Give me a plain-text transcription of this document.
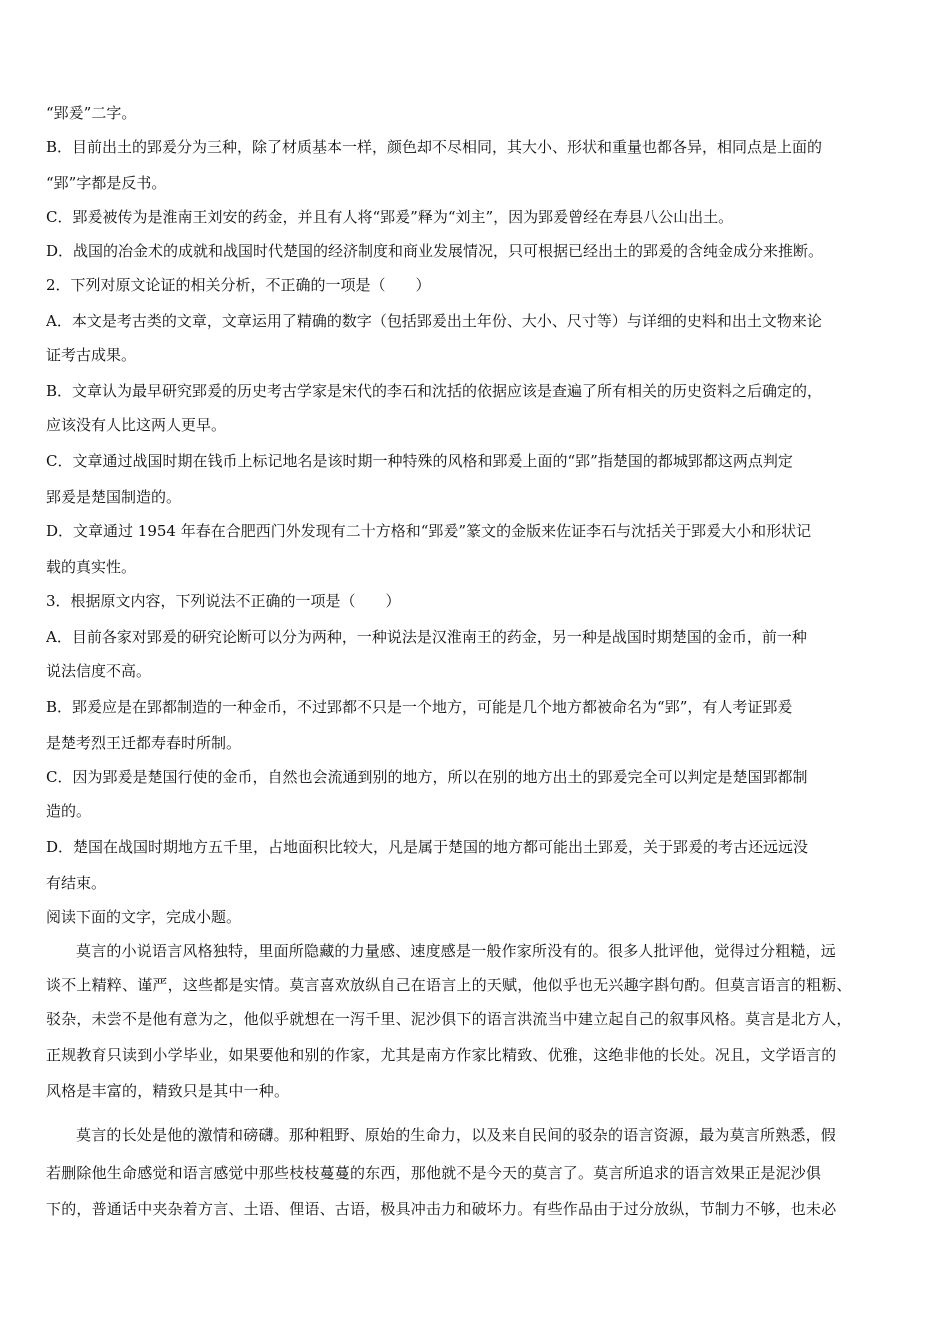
“郢爰”二字。
B．目前出土的郢爰分为三种，除了材质基本一样，颜色却不尽相同，其大小、形状和重量也都各异，相同点是上面的
“郢”字都是反书。
C．郢爰被传为是淮南王刘安的药金，并且有人将“郢爰”释为“刘主”，因为郢爰曾经在寿县八公山出土。
D．战国的冶金术的成就和战国时代楚国的经济制度和商业发展情况，只可根据已经出土的郢爰的含纯金成分来推断。
2．下列对原文论证的相关分析，不正确的一项是（　　）
A．本文是考古类的文章，文章运用了精确的数字（包括郢爰出土年份、大小、尺寸等）与详细的史料和出土文物来论
证考古成果。
B．文章认为最早研究郢爰的历史考古学家是宋代的李石和沈括的依据应该是查遍了所有相关的历史资料之后确定的，
应该没有人比这两人更早。
C．文章通过战国时期在钱币上标记地名是该时期一种特殊的风格和郢爰上面的“郢”指楚国的都城郢都这两点判定
郢爰是楚国制造的。
D．文章通过 1954 年春在合肥西门外发现有二十方格和“郢爰”篆文的金版来佐证李石与沈括关于郢爰大小和形状记
载的真实性。
3．根据原文内容，下列说法不正确的一项是（　　）
A．目前各家对郢爰的研究论断可以分为两种，一种说法是汉淮南王的药金，另一种是战国时期楚国的金币，前一种
说法信度不高。
B．郢爰应是在郢都制造的一种金币，不过郢都不只是一个地方，可能是几个地方都被命名为“郢”，有人考证郢爰
是楚考烈王迁都寿春时所制。
C．因为郢爰是楚国行使的金币，自然也会流通到别的地方，所以在别的地方出土的郢爰完全可以判定是楚国郢都制
造的。
D．楚国在战国时期地方五千里，占地面积比较大，凡是属于楚国的地方都可能出土郢爰，关于郢爰的考古还远远没
有结束。
阅读下面的文字，完成小题。
莫言的小说语言风格独特，里面所隐藏的力量感、速度感是一般作家所没有的。很多人批评他，觉得过分粗糙，远
谈不上精粹、谨严，这些都是实情。莫言喜欢放纵自己在语言上的天赋，他似乎也无兴趣字斟句酌。但莫言语言的粗粝、
驳杂，未尝不是他有意为之，他似乎就想在一泻千里、泥沙俱下的语言洪流当中建立起自己的叙事风格。莫言是北方人，
正规教育只读到小学毕业，如果要他和别的作家，尤其是南方作家比精致、优雅，这绝非他的长处。况且，文学语言的
风格是丰富的，精致只是其中一种。
莫言的长处是他的激情和磅礴。那种粗野、原始的生命力，以及来自民间的驳杂的语言资源，最为莫言所熟悉，假
若删除他生命感觉和语言感觉中那些枝枝蔓蔓的东西，那他就不是今天的莫言了。莫言所追求的语言效果正是泥沙俱
下的，普通话中夹杂着方言、土语、俚语、古语，极具冲击力和破坏力。有些作品由于过分放纵，节制力不够，也未必
